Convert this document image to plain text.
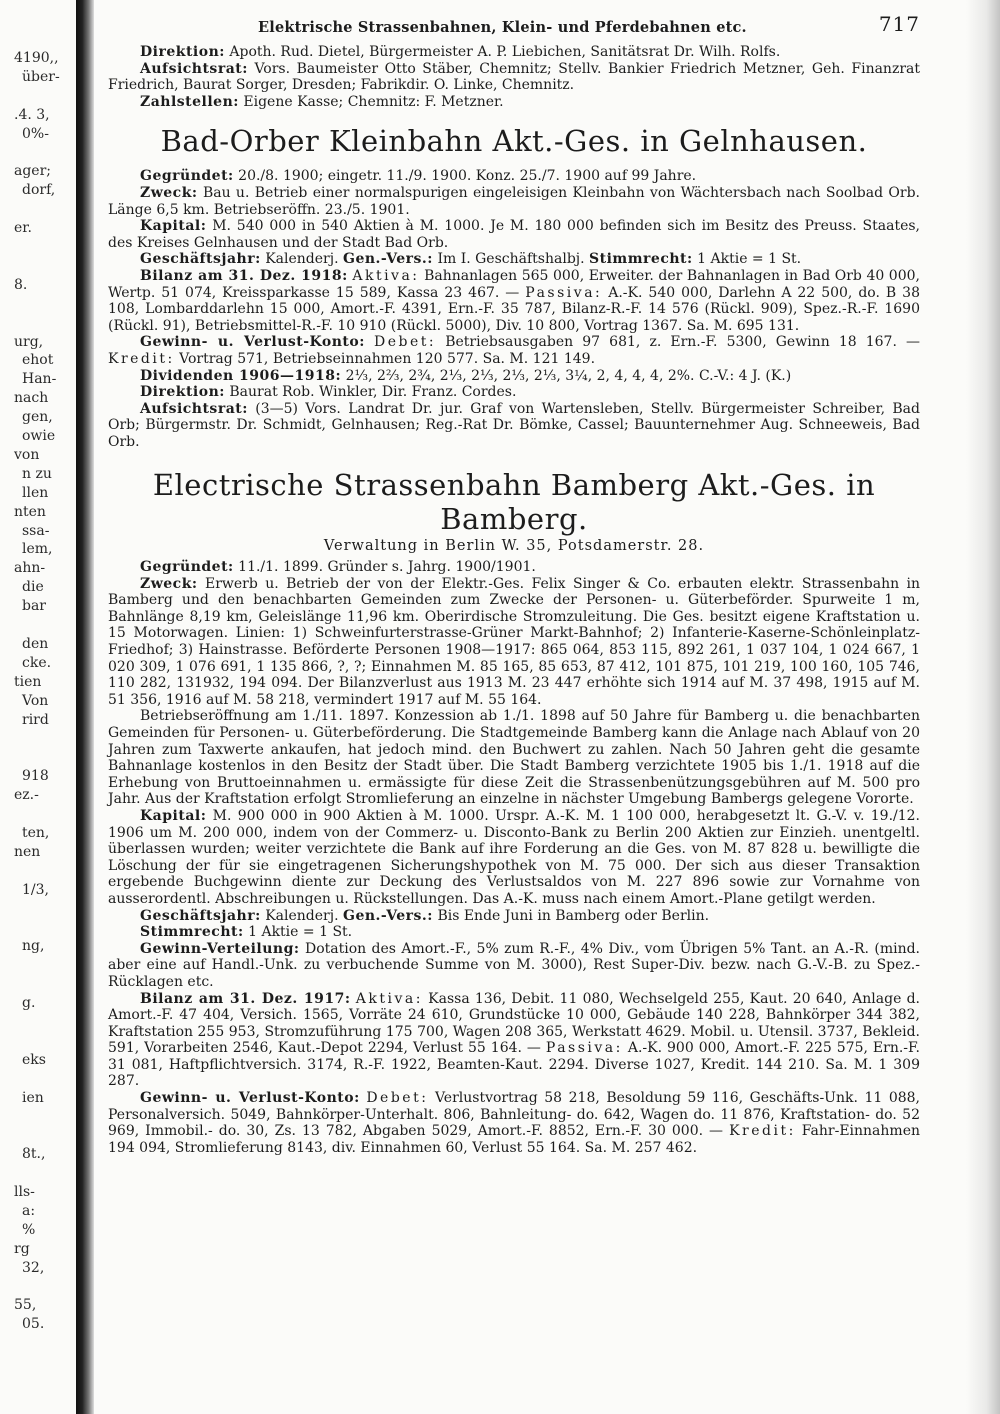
4190,,
über-
.4. 3,
0%-
ager;
dorf,
er.
8.
urg,
ehot
Han-
nach
gen,
owie
von
n zu
llen
nten
ssa-
lem,
ahn-
die
bar
den
cke.
tien
Von
rird
918
ez.-
ten,
nen
1/3,
ng,
g.
eks
ien
8t.,
lls-
a:
%
rg
32,
55,
05.
Elektrische Strassenbahnen, Klein- und Pferdebahnen etc.	717

Direktion: Apoth. Rud. Dietel, Bürgermeister A. P. Liebichen, Sanitätsrat Dr. Wilh. Rolfs.

Aufsichtsrat: Vors. Baumeister Otto Stäber, Chemnitz; Stellv. Bankier Friedrich Metzner, Geh. Finanzrat Friedrich, Baurat Sorger, Dresden; Fabrikdir. O. Linke, Chemnitz.

Zahlstellen: Eigene Kasse; Chemnitz: F. Metzner.

Bad-Orber Kleinbahn Akt.-Ges. in Gelnhausen.

Gegründet: 20./8. 1900; eingetr. 11./9. 1900. Konz. 25./7. 1900 auf 99 Jahre.

Zweck: Bau u. Betrieb einer normalspurigen eingeleisigen Kleinbahn von Wächtersbach nach Soolbad Orb. Länge 6,5 km. Betriebseröffn. 23./5. 1901.

Kapital: M. 540 000 in 540 Aktien à M. 1000. Je M. 180 000 befinden sich im Besitz des Preuss. Staates, des Kreises Gelnhausen und der Stadt Bad Orb.

Geschäftsjahr: Kalenderj. Gen.-Vers.: Im I. Geschäftshalbj. Stimmrecht: 1 Aktie = 1 St.

Bilanz am 31. Dez. 1918: Aktiva: Bahnanlagen 565 000, Erweiter. der Bahnanlagen in Bad Orb 40 000, Wertp. 51 074, Kreissparkasse 15 589, Kassa 23 467. — Passiva: A.-K. 540 000, Darlehn A 22 500, do. B 38 108, Lombarddarlehn 15 000, Amort.-F. 4391, Ern.-F. 35 787, Bilanz-R.-F. 14 576 (Rückl. 909), Spez.-R.-F. 1690 (Rückl. 91), Betriebsmittel-R.-F. 10 910 (Rückl. 5000), Div. 10 800, Vortrag 1367. Sa. M. 695 131.

Gewinn- u. Verlust-Konto: Debet: Betriebsausgaben 97 681, z. Ern.-F. 5300, Gewinn 18 167. — Kredit: Vortrag 571, Betriebseinnahmen 120 577. Sa. M. 121 149.

Dividenden 1906—1918: 2⅓, 2⅔, 2¾, 2⅓, 2⅓, 2⅓, 2⅓, 3¼, 2, 4, 4, 4, 2%. C.-V.: 4 J. (K.)

Direktion: Baurat Rob. Winkler, Dir. Franz. Cordes.

Aufsichtsrat: (3—5) Vors. Landrat Dr. jur. Graf von Wartensleben, Stellv. Bürgermeister Schreiber, Bad Orb; Bürgermstr. Dr. Schmidt, Gelnhausen; Reg.-Rat Dr. Bömke, Cassel; Bauunternehmer Aug. Schneeweis, Bad Orb.

Electrische Strassenbahn Bamberg Akt.-Ges. in Bamberg.
Verwaltung in Berlin W. 35, Potsdamerstr. 28.

Gegründet: 11./1. 1899. Gründer s. Jahrg. 1900/1901.

Zweck: Erwerb u. Betrieb der von der Elektr.-Ges. Felix Singer & Co. erbauten elektr. Strassenbahn in Bamberg und den benachbarten Gemeinden zum Zwecke der Personen- u. Güterbeförder. Spurweite 1 m, Bahnlänge 8,19 km, Geleislänge 11,96 km. Oberirdische Stromzuleitung. Die Ges. besitzt eigene Kraftstation u. 15 Motorwagen. Linien: 1) Schweinfurterstrasse-Grüner Markt-Bahnhof; 2) Infanterie-Kaserne-Schönleinplatz-Friedhof; 3) Hainstrasse. Beförderte Personen 1908—1917: 865 064, 853 115, 892 261, 1 037 104, 1 024 667, 1 020 309, 1 076 691, 1 135 866, ?, ?; Einnahmen M. 85 165, 85 653, 87 412, 101 875, 101 219, 100 160, 105 746, 110 282, 131932, 194 094. Der Bilanzverlust aus 1913 M. 23 447 erhöhte sich 1914 auf M. 37 498, 1915 auf M. 51 356, 1916 auf M. 58 218, vermindert 1917 auf M. 55 164.

Betriebseröffnung am 1./11. 1897. Konzession ab 1./1. 1898 auf 50 Jahre für Bamberg u. die benachbarten Gemeinden für Personen- u. Güterbeförderung. Die Stadtgemeinde Bamberg kann die Anlage nach Ablauf von 20 Jahren zum Taxwerte ankaufen, hat jedoch mind. den Buchwert zu zahlen. Nach 50 Jahren geht die gesamte Bahnanlage kostenlos in den Besitz der Stadt über. Die Stadt Bamberg verzichtete 1905 bis 1./1. 1918 auf die Erhebung von Bruttoeinnahmen u. ermässigte für diese Zeit die Strassenbenützungsgebühren auf M. 500 pro Jahr. Aus der Kraftstation erfolgt Stromlieferung an einzelne in nächster Umgebung Bambergs gelegene Vororte.

Kapital: M. 900 000 in 900 Aktien à M. 1000. Urspr. A.-K. M. 1 100 000, herabgesetzt lt. G.-V. v. 19./12. 1906 um M. 200 000, indem von der Commerz- u. Disconto-Bank zu Berlin 200 Aktien zur Einzieh. unentgeltl. überlassen wurden; weiter verzichtete die Bank auf ihre Forderung an die Ges. von M. 87 828 u. bewilligte die Löschung der für sie eingetragenen Sicherungshypothek von M. 75 000. Der sich aus dieser Transaktion ergebende Buchgewinn diente zur Deckung des Verlustsaldos von M. 227 896 sowie zur Vornahme von ausserordentl. Abschreibungen u. Rückstellungen. Das A.-K. muss nach einem Amort.-Plane getilgt werden.

Geschäftsjahr: Kalenderj. Gen.-Vers.: Bis Ende Juni in Bamberg oder Berlin.

Stimmrecht: 1 Aktie = 1 St.

Gewinn-Verteilung: Dotation des Amort.-F., 5% zum R.-F., 4% Div., vom Übrigen 5% Tant. an A.-R. (mind. aber eine auf Handl.-Unk. zu verbuchende Summe von M. 3000), Rest Super-Div. bezw. nach G.-V.-B. zu Spez.-Rücklagen etc.

Bilanz am 31. Dez. 1917: Aktiva: Kassa 136, Debit. 11 080, Wechselgeld 255, Kaut. 20 640, Anlage d. Amort.-F. 47 404, Versich. 1565, Vorräte 24 610, Grundstücke 10 000, Gebäude 140 228, Bahnkörper 344 382, Kraftstation 255 953, Stromzuführung 175 700, Wagen 208 365, Werkstatt 4629. Mobil. u. Utensil. 3737, Bekleid. 591, Vorarbeiten 2546, Kaut.-Depot 2294, Verlust 55 164. — Passiva: A.-K. 900 000, Amort.-F. 225 575, Ern.-F. 31 081, Haftpflichtversich. 3174, R.-F. 1922, Beamten-Kaut. 2294. Diverse 1027, Kredit. 144 210. Sa. M. 1 309 287.

Gewinn- u. Verlust-Konto: Debet: Verlustvortrag 58 218, Besoldung 59 116, Geschäfts-Unk. 11 088, Personalversich. 5049, Bahnkörper-Unterhalt. 806, Bahnleitung- do. 642, Wagen do. 11 876, Kraftstation- do. 52 969, Immobil.- do. 30, Zs. 13 782, Abgaben 5029, Amort.-F. 8852, Ern.-F. 30 000. — Kredit: Fahr-Einnahmen 194 094, Stromlieferung 8143, div. Einnahmen 60, Verlust 55 164. Sa. M. 257 462.
